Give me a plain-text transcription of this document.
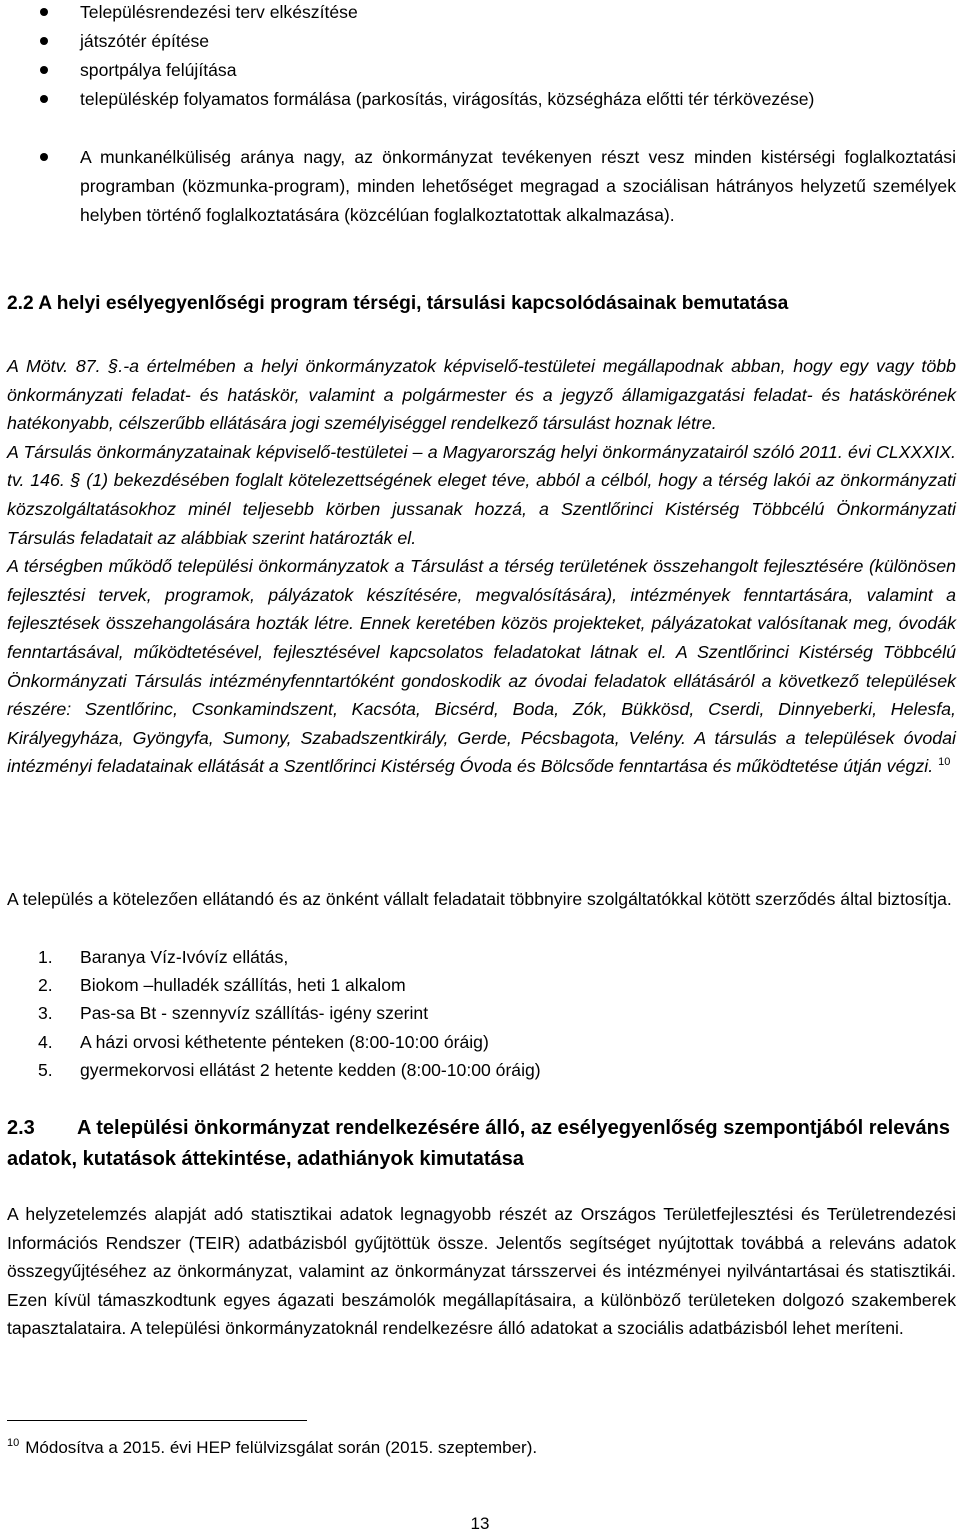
Településrendezési terv elkészítése
játszótér építése
sportpálya felújítása
településkép folyamatos formálása (parkosítás, virágosítás, községháza előtti tér térkövezése)
A munkanélküliség aránya nagy, az önkormányzat tevékenyen részt vesz minden kistérségi foglalkoztatási programban (közmunka-program), minden lehetőséget megragad a szociálisan hátrányos helyzetű személyek helyben történő foglalkoztatására (közcélúan foglalkoztatottak alkalmazása).
2.2 A helyi esélyegyenlőségi program térségi, társulási kapcsolódásainak bemutatása

A Mötv. 87. §.-a értelmében a helyi önkormányzatok képviselő-testületei megállapodnak abban, hogy egy vagy több önkormányzati feladat- és hatáskör, valamint a polgármester és a jegyző államigazgatási feladat- és hatáskörének hatékonyabb, célszerűbb ellátására jogi személyiséggel rendelkező társulást hoznak létre.

A Társulás önkormányzatainak képviselő-testületei – a Magyarország helyi önkormányzatairól szóló 2011. évi CLXXXIX. tv. 146. § (1) bekezdésében foglalt kötelezettségének eleget téve, abból a célból, hogy a térség lakói az önkormányzati közszolgáltatásokhoz minél teljesebb körben jussanak hozzá, a Szentlőrinci Kistérség Többcélú Önkormányzati Társulás feladatait az alábbiak szerint határozták el.

A térségben működő települési önkormányzatok a Társulást a térség területének összehangolt fejlesztésére (különösen fejlesztési tervek, programok, pályázatok készítésére, megvalósítására), intézmények fenntartására, valamint a fejlesztések összehangolására hozták létre. Ennek keretében közös projekteket, pályázatokat valósítanak meg, óvodák fenntartásával, működtetésével, fejlesztésével kapcsolatos feladatokat látnak el. A Szentlőrinci Kistérség Többcélú Önkormányzati Társulás intézményfenntartóként gondoskodik az óvodai feladatok ellátásáról a következő települések részére: Szentlőrinc, Csonkamindszent, Kacsóta, Bicsérd, Boda, Zók, Bükkösd, Cserdi, Dinnyeberki, Helesfa, Királyegyháza, Gyöngyfa, Sumony, Szabadszentkirály, Gerde, Pécsbagota, Velény. A társulás a települések óvodai intézményi feladatainak ellátását a Szentlőrinci Kistérség Óvoda és Bölcsőde fenntartása és működtetése útján végzi. $^{10}$

A település a kötelezően ellátandó és az önként vállalt feladatait többnyire szolgáltatókkal kötött szerződés által biztosítja.
1. Baranya Víz-Ivóvíz ellátás,
2. Biokom –hulladék szállítás, heti 1 alkalom
3. Pas-sa Bt - szennyvíz szállítás- igény szerint
4. A házi orvosi kéthetente pénteken (8:00-10:00 óráig)
5. gyermekorvosi ellátást 2 hetente kedden (8:00-10:00 óráig)
2.3 A települési önkormányzat rendelkezésére álló, az esélyegyenlőség szempontjából releváns adatok, kutatások áttekintése, adathiányok kimutatása
A helyzetelemzés alapját adó statisztikai adatok legnagyobb részét az Országos Területfejlesztési és Területrendezési Információs Rendszer (TEIR) adatbázisból gyűjtöttük össze. Jelentős segítséget nyújtottak továbbá a releváns adatok összegyűjtéséhez az önkormányzat, valamint az önkormányzat társszervei és intézményei nyilvántartásai és statisztikái. Ezen kívül támaszkodtunk egyes ágazati beszámolók megállapításaira, a különböző területeken dolgozó szakemberek tapasztalataira. A települési önkormányzatoknál rendelkezésre álló adatokat a szociális adatbázisból lehet meríteni.
$^{10}$ Módosítva a 2015. évi HEP felülvizsgálat során (2015. szeptember).
13
